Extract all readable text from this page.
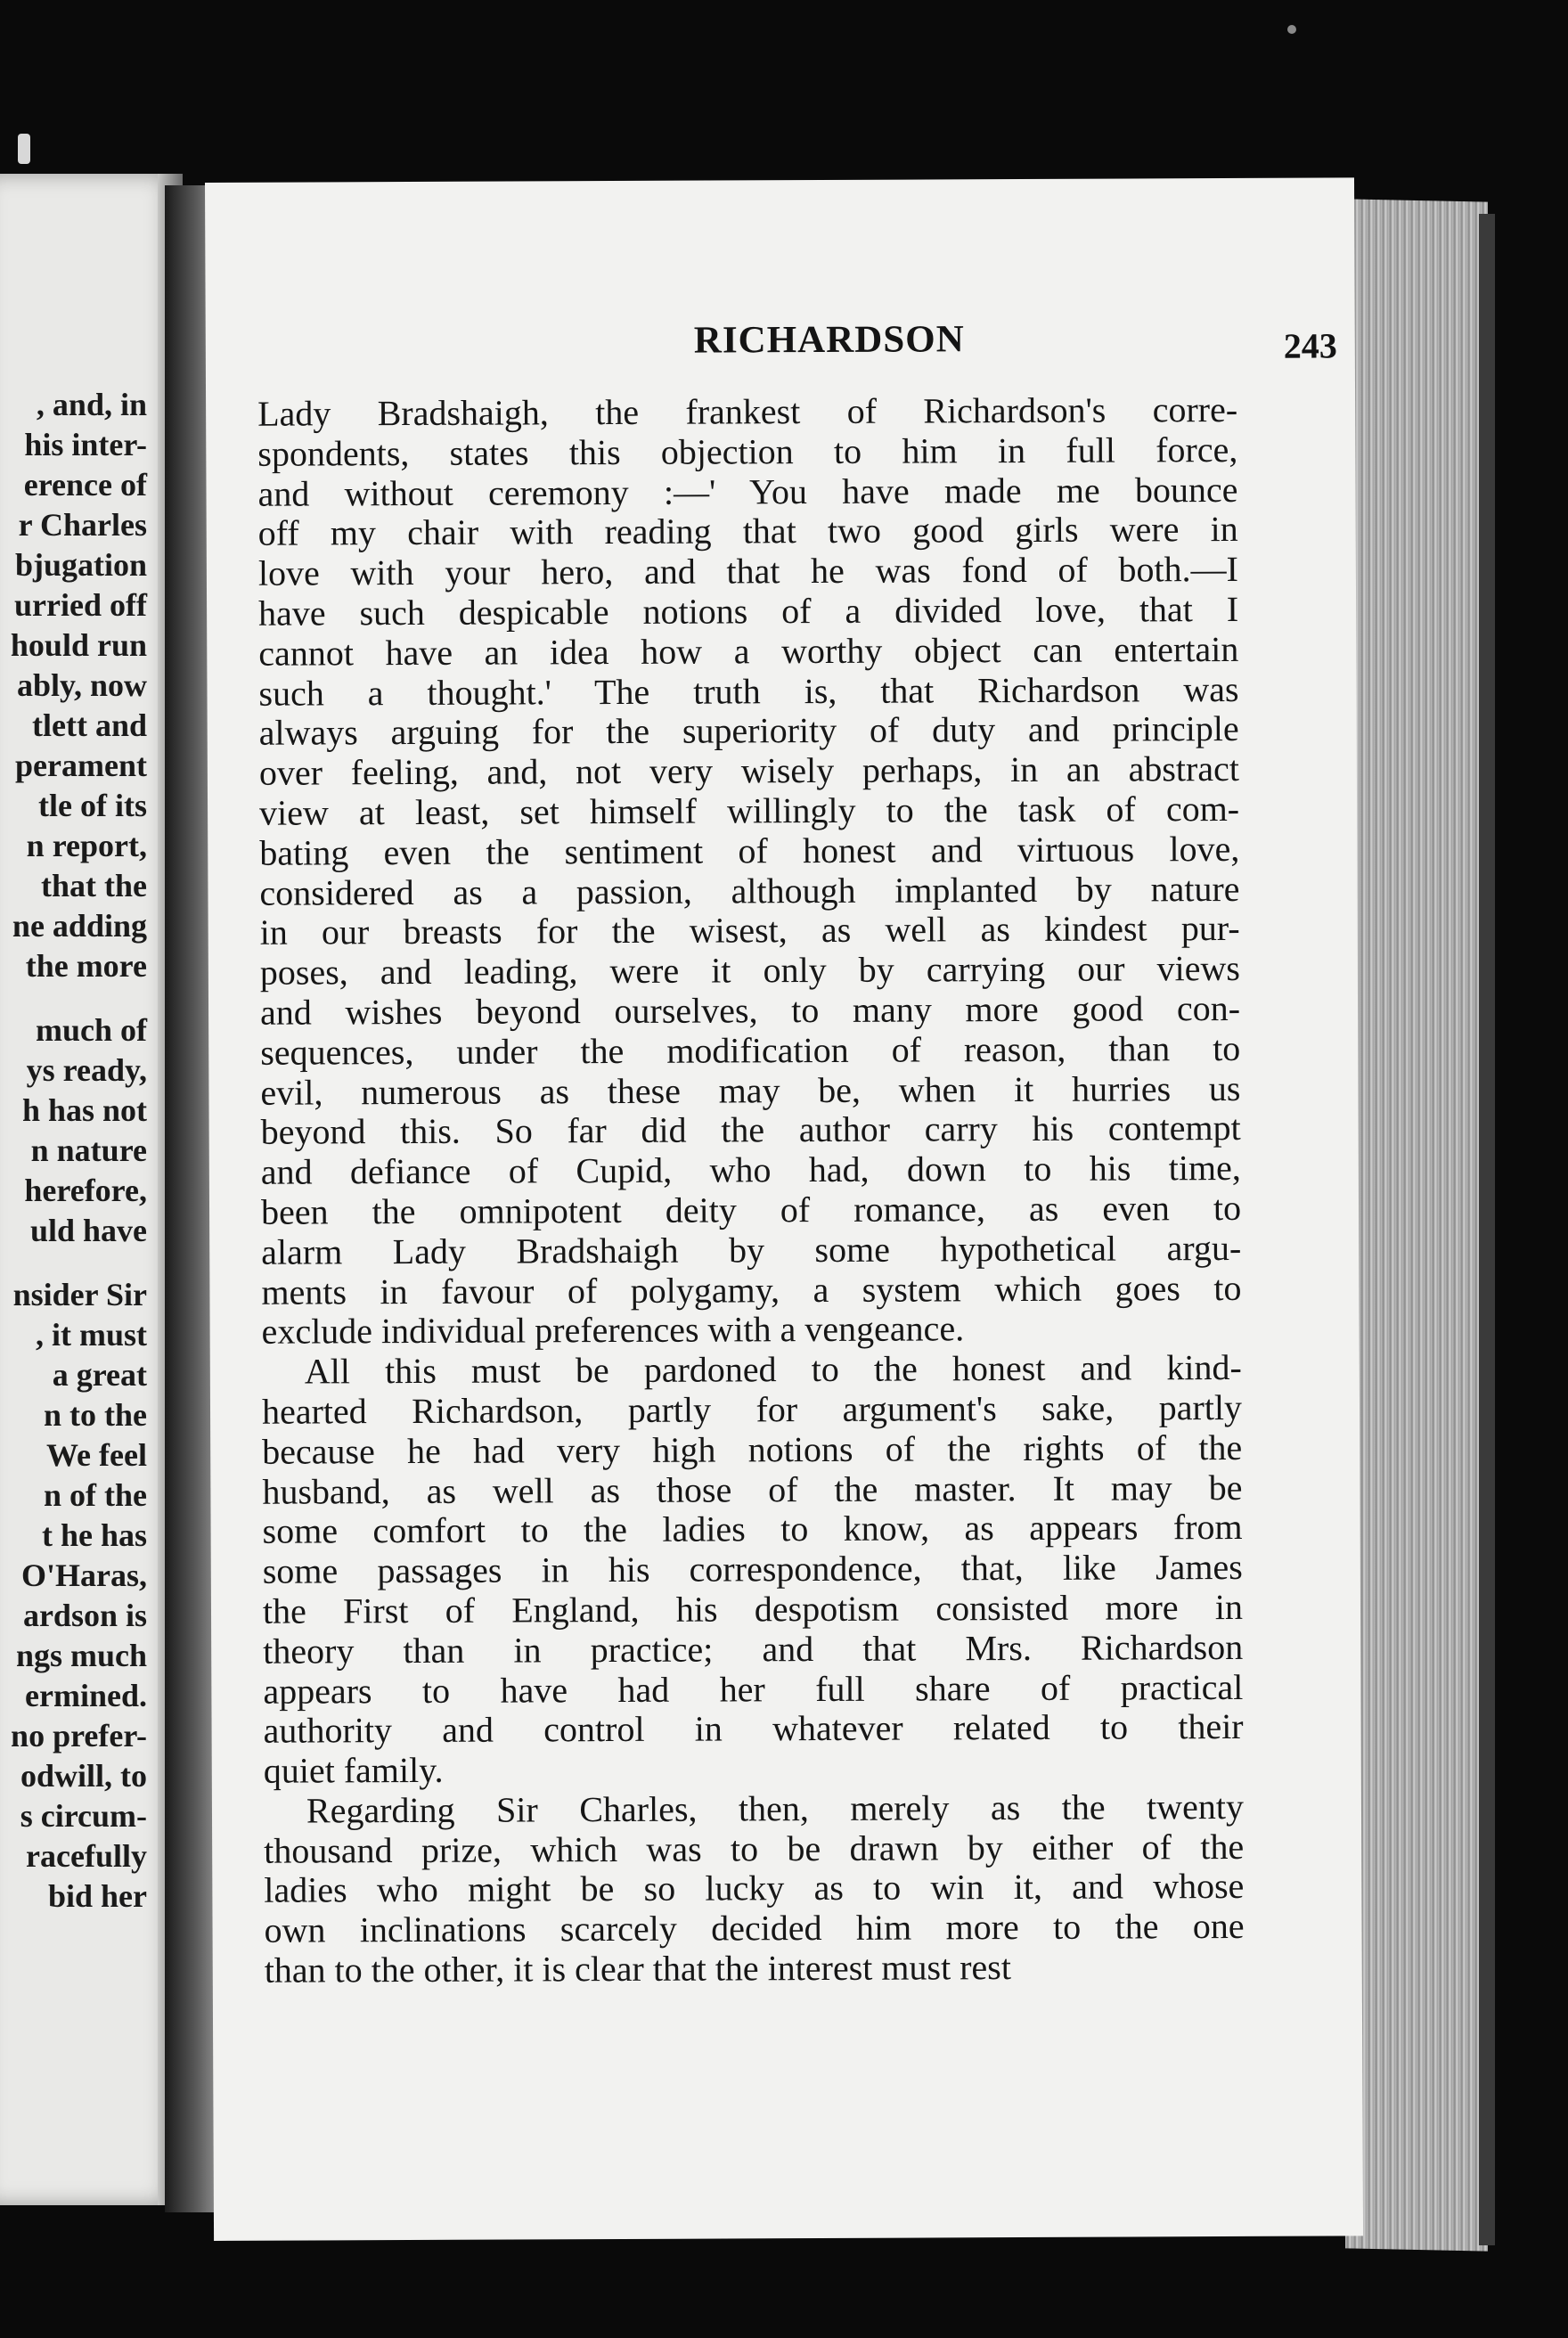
, and, in
his inter-
erence of
r Charles
bjugation
urried off
hould run
ably, now
tlett and
perament
tle of its
n report,
that the
ne adding
the more
much of
ys ready,
h has not
n nature
herefore,
uld have
nsider Sir
, it must
a great
n to the
We feel
n of the
t he has
O'Haras,
ardson is
ngs much
ermined.
no prefer-
odwill, to
s circum-
racefully
bid her
RICHARDSON	243
Lady Bradshaigh, the frankest of Richardson's corre-
spondents, states this objection to him in full force,
and without ceremony :—' You have made me bounce
off my chair with reading that two good girls were in
love with your hero, and that he was fond of both.—I
have such despicable notions of a divided love, that I
cannot have an idea how a worthy object can entertain
such a thought.' The truth is, that Richardson was
always arguing for the superiority of duty and principle
over feeling, and, not very wisely perhaps, in an abstract
view at least, set himself willingly to the task of com-
bating even the sentiment of honest and virtuous love,
considered as a passion, although implanted by nature
in our breasts for the wisest, as well as kindest pur-
poses, and leading, were it only by carrying our views
and wishes beyond ourselves, to many more good con-
sequences, under the modification of reason, than to
evil, numerous as these may be, when it hurries us
beyond this. So far did the author carry his contempt
and defiance of Cupid, who had, down to his time,
been the omnipotent deity of romance, as even to
alarm Lady Bradshaigh by some hypothetical argu-
ments in favour of polygamy, a system which goes to
exclude individual preferences with a vengeance.
All this must be pardoned to the honest and kind-
hearted Richardson, partly for argument's sake, partly
because he had very high notions of the rights of the
husband, as well as those of the master. It may be
some comfort to the ladies to know, as appears from
some passages in his correspondence, that, like James
the First of England, his despotism consisted more in
theory than in practice; and that Mrs. Richardson
appears to have had her full share of practical
authority and control in whatever related to their
quiet family.
Regarding Sir Charles, then, merely as the twenty
thousand prize, which was to be drawn by either of the
ladies who might be so lucky as to win it, and whose
own inclinations scarcely decided him more to the one
than to the other, it is clear that the interest must rest
